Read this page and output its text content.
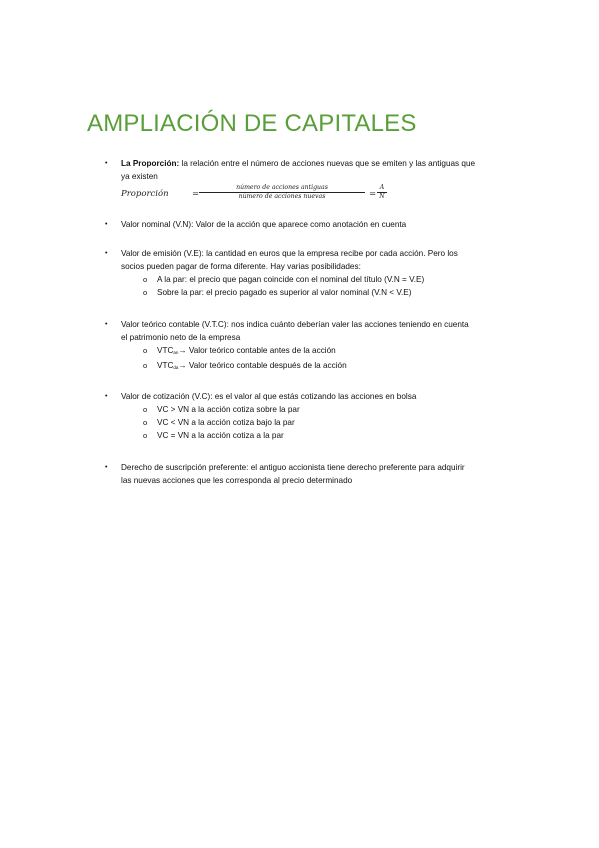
AMPLIACIÓN DE CAPITALES
• La Proporción: la relación entre el número de acciones nuevas que se emiten y las antiguas que
ya existen
Proporción	=
número de acciones antiguas
número de acciones nuevas	= $\frac{A}{N}$
• Valor nominal (V.N): Valor de la acción que aparece como anotación en cuenta
• Valor de emisión (V.E): la cantidad en euros que la empresa recibe por cada acción. Pero los
socios pueden pagar de forma diferente. Hay varias posibilidades:
o A la par: el precio que pagan coincide con el nominal del título (V.N = V.E)
o Sobre la par: el precio pagado es superior al valor nominal (V.N < V.E)
• Valor teórico contable (V.T.C): nos indica cuánto deberían valer las acciones teniendo en cuenta
el patrimonio neto de la empresa
o VTCan→ Valor teórico contable antes de la acción
o VTCda→ Valor teórico contable después de la acción
• Valor de cotización (V.C): es el valor al que estás cotizando las acciones en bolsa
o VC > VN a la acción cotiza sobre la par
o VC < VN a la acción cotiza bajo la par
o VC = VN a la acción cotiza a la par
• Derecho de suscripción preferente: el antiguo accionista tiene derecho preferente para adquirir
las nuevas acciones que les corresponda al precio determinado
